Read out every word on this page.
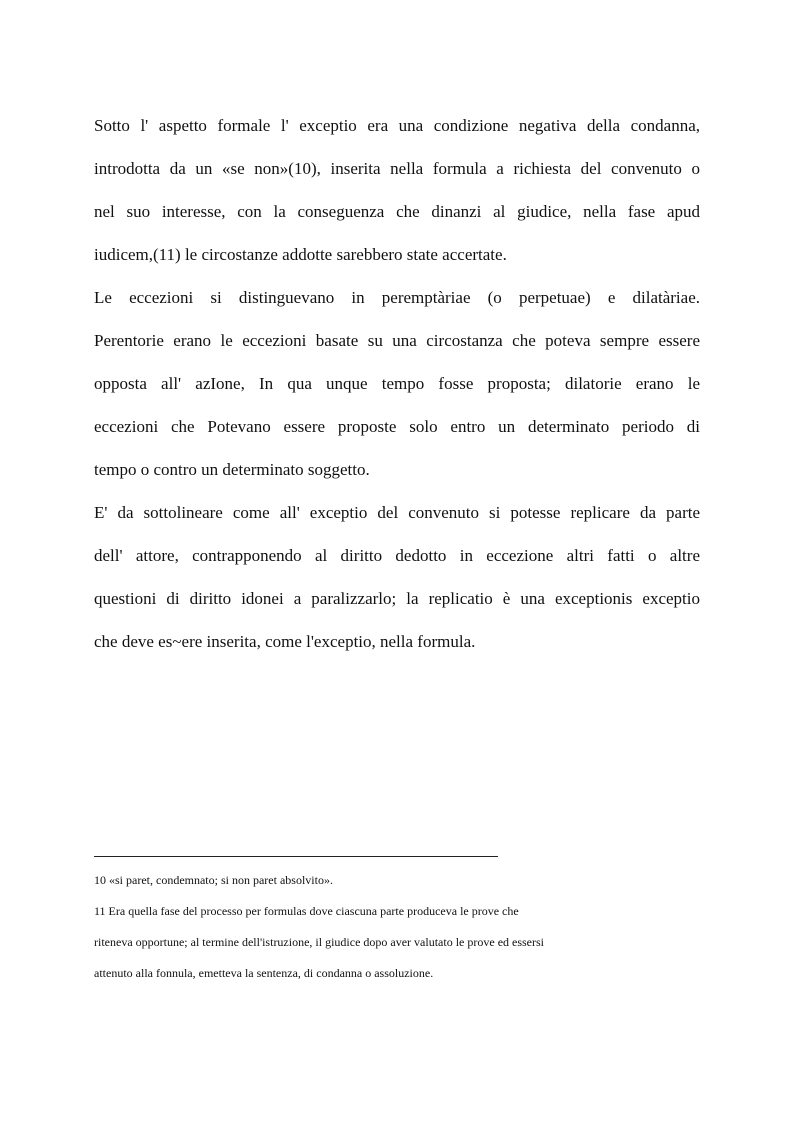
Sotto l' aspetto formale l' exceptio era una condizione negativa della condanna,
introdotta da un «se non»(10), inserita nella formula a richiesta del convenuto o
nel suo interesse, con la conseguenza che dinanzi al giudice, nella fase apud
iudicem,(11) le circostanze addotte sarebbero state accertate.
Le eccezioni si distinguevano in peremptàriae (o perpetuae) e dilatàriae.
Perentorie erano le eccezioni basate su una circostanza che poteva sempre essere
opposta all' azIone, In qua unque tempo fosse proposta; dilatorie erano le
eccezioni che Potevano essere proposte solo entro un determinato periodo di
tempo o contro un determinato soggetto.
E' da sottolineare come all' exceptio del convenuto si potesse replicare da parte
dell' attore, contrapponendo al diritto dedotto in eccezione altri fatti o altre
questioni di diritto idonei a paralizzarlo; la replicatio è una exceptionis exceptio
che deve es~ere inserita, come l'exceptio, nella formula.
10 «si paret, condemnato; si non paret absolvito».
11 Era quella fase del processo per formulas dove ciascuna parte produceva le prove che
riteneva opportune; al termine dell'istruzione, il giudice dopo aver valutato le prove ed essersi
attenuto alla fonnula, emetteva la sentenza, di condanna o assoluzione.
